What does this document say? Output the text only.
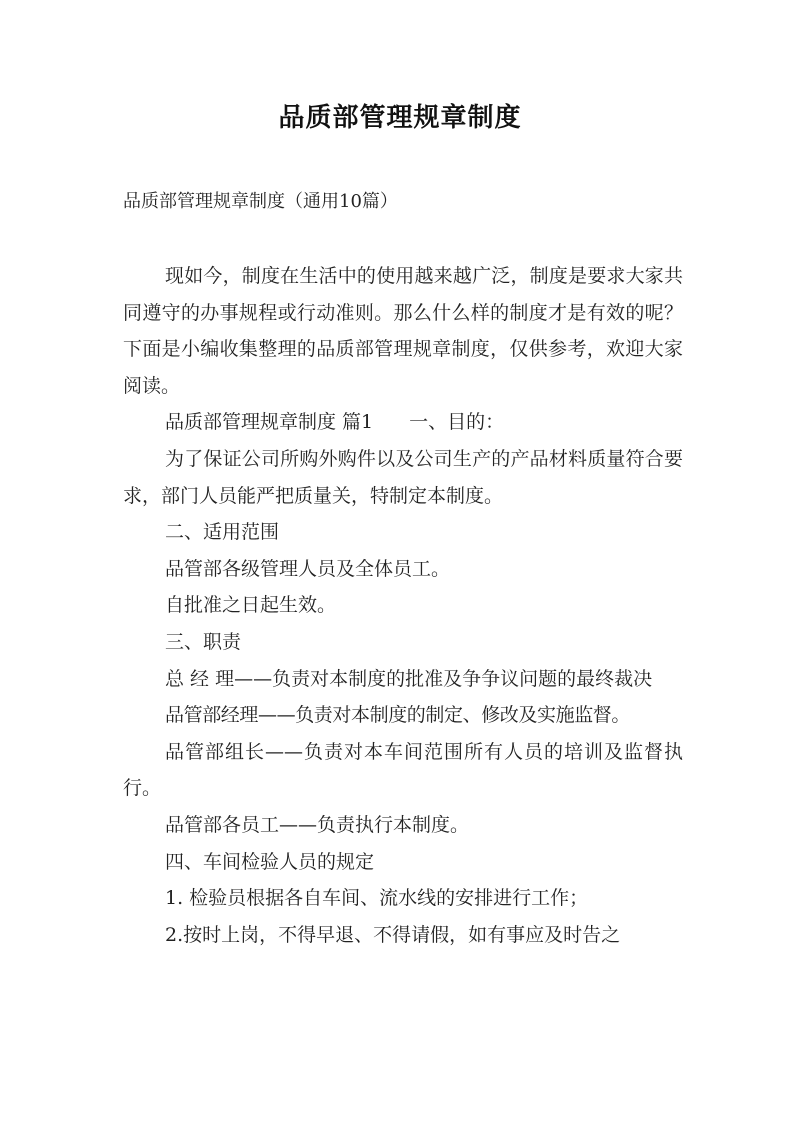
品质部管理规章制度
品质部管理规章制度（通用10篇）

现如今，制度在生活中的使用越来越广泛，制度是要求大家共同遵守的办事规程或行动准则。那么什么样的制度才是有效的呢？下面是小编收集整理的品质部管理规章制度，仅供参考，欢迎大家阅读。

品质部管理规章制度 篇1 一、目的：

为了保证公司所购外购件以及公司生产的产品材料质量符合要求，部门人员能严把质量关，特制定本制度。

二、适用范围
品管部各级管理人员及全体员工。
自批准之日起生效。
三、职责

总 经 理——负责对本制度的批准及争争议问题的最终裁决

品管部经理——负责对本制度的制定、修改及实施监督。

品管部组长——负责对本车间范围所有人员的培训及监督执行。

品管部各员工——负责执行本制度。
四、车间检验人员的规定
1. 检验员根据各自车间、流水线的安排进行工作；
2.按时上岗，不得早退、不得请假，如有事应及时告之
